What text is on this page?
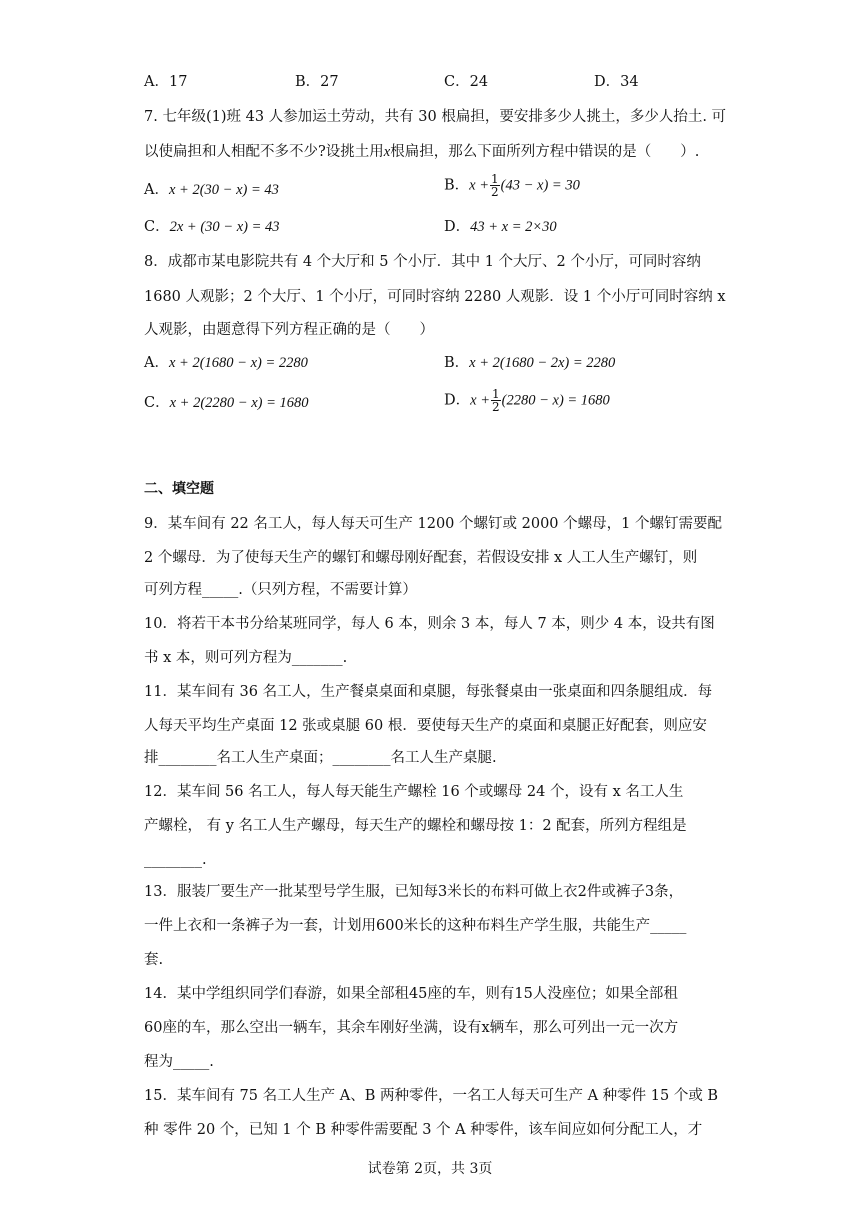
A．17	B．27	C．24	D．34
7. 七年级(1)班 43 人参加运土劳动，共有 30 根扁担，要安排多少人挑土，多少人抬土. 可
以使扁担和人相配不多不少?设挑土用x根扁担，那么下面所列方程中错误的是（　　）.
A．x + 2(30 − x) = 43	B．$x + \frac{1}{2} (43 - x) = 30$
C．2x + (30 − x) = 43	D．43 + x = 2×30
8．成都市某电影院共有 4 个大厅和 5 个小厅．其中 1 个大厅、2 个小厅，可同时容纳
1680 人观影；2 个大厅、1 个小厅，可同时容纳 2280 人观影．设 1 个小厅可同时容纳 x
人观影，由题意得下列方程正确的是（　　）
A．x + 2(1680 − x) = 2280	B．x + 2(1680 − 2x) = 2280
C．x + 2(2280 − x) = 1680	D．$x + \frac{1}{2} (2280 - x) = 1680$
二、填空题
9．某车间有 22 名工人，每人每天可生产 1200 个螺钉或 2000 个螺母，1 个螺钉需要配
2 个螺母．为了使每天生产的螺钉和螺母刚好配套，若假设安排 x 人工人生产螺钉，则
可列方程_____.（只列方程，不需要计算）
10．将若干本书分给某班同学，每人 6 本，则余 3 本，每人 7 本，则少 4 本，设共有图
书 x 本，则可列方程为_______.
11．某车间有 36 名工人，生产餐桌桌面和桌腿，每张餐桌由一张桌面和四条腿组成．每
人每天平均生产桌面 12 张或桌腿 60 根．要使每天生产的桌面和桌腿正好配套，则应安
排________名工人生产桌面；________名工人生产桌腿.
12．某车间 56 名工人，每人每天能生产螺栓 16 个或螺母 24 个，设有 x 名工人生
产螺栓， 有 y 名工人生产螺母，每天生产的螺栓和螺母按 1：2 配套，所列方程组是
________.
13．服装厂要生产一批某型号学生服，已知每3米长的布料可做上衣2件或裤子3条，
一件上衣和一条裤子为一套，计划用600米长的这种布料生产学生服，共能生产_____
套.
14．某中学组织同学们春游，如果全部租45座的车，则有15人没座位；如果全部租
60座的车，那么空出一辆车，其余车刚好坐满，设有x辆车，那么可列出一元一次方
程为_____.
15．某车间有 75 名工人生产 A、B 两种零件，一名工人每天可生产 A 种零件 15 个或 B
种 零件 20 个，已知 1 个 B 种零件需要配 3 个 A 种零件，该车间应如何分配工人，才
试卷第 2页，共 3页
